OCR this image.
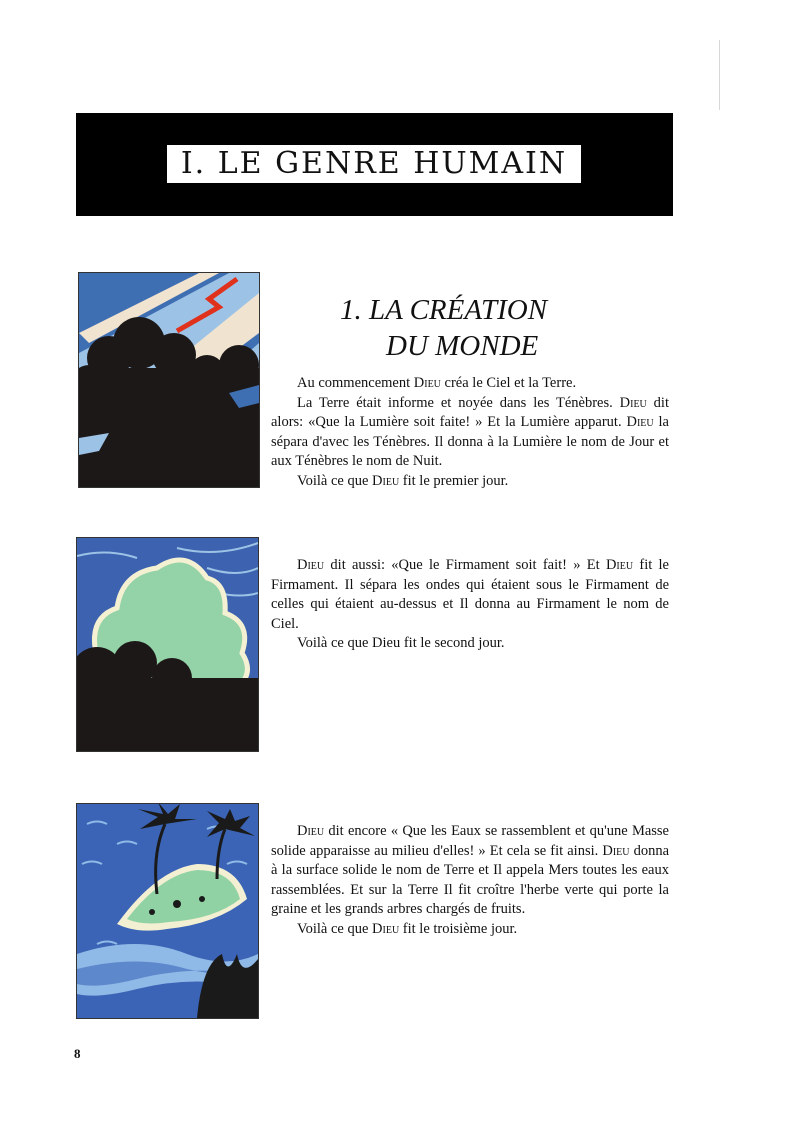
I. LE GENRE HUMAIN
1. LA CRÉATION
DU MONDE

Au commencement Dieu créa le Ciel et la Terre.

La Terre était informe et noyée dans les Ténèbres. Dieu dit alors: «Que la Lumière soit faite! » Et la Lumière apparut. Dieu la sépara d'avec les Ténèbres. Il donna à la Lumière le nom de Jour et aux Ténèbres le nom de Nuit.

Voilà ce que Dieu fit le premier jour.

Dieu dit aussi: «Que le Firmament soit fait! » Et Dieu fit le Firmament. Il sépara les ondes qui étaient sous le Firmament de celles qui étaient au-dessus et Il donna au Firmament le nom de Ciel.

Voilà ce que Dieu fit le second jour.

Dieu dit encore « Que les Eaux se rassemblent et qu'une Masse solide apparaisse au milieu d'elles! » Et cela se fit ainsi. Dieu donna à la surface solide le nom de Terre et Il appela Mers toutes les eaux rassemblées. Et sur la Terre Il fit croître l'herbe verte qui porte la graine et les grands arbres chargés de fruits.

Voilà ce que Dieu fit le troisième jour.

8
